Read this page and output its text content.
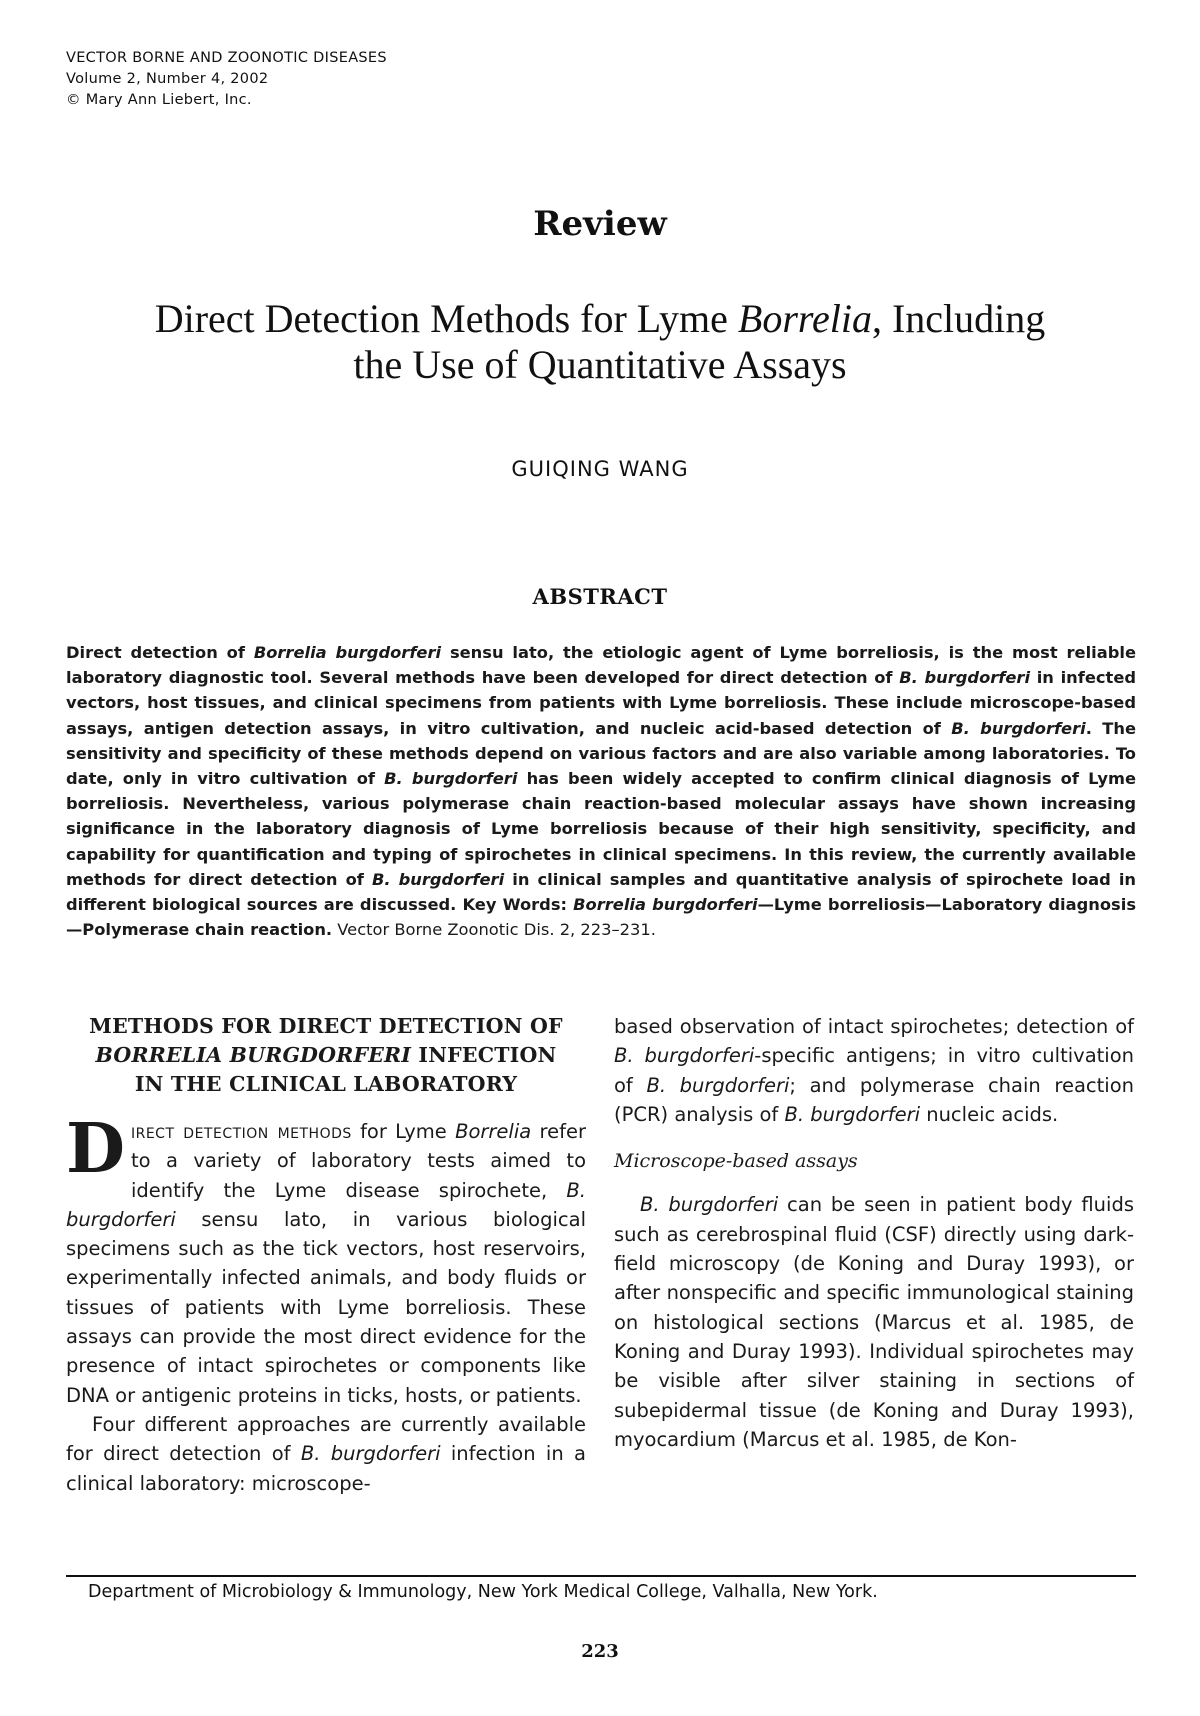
VECTOR BORNE AND ZOONOTIC DISEASES
Volume 2, Number 4, 2002
© Mary Ann Liebert, Inc.
Review
Direct Detection Methods for Lyme Borrelia, Including
the Use of Quantitative Assays
GUIQING WANG
ABSTRACT
Direct detection of Borrelia burgdorferi sensu lato, the etiologic agent of Lyme borreliosis, is the most reliable laboratory diagnostic tool. Several methods have been developed for direct detection of B. burgdorferi in infected vectors, host tissues, and clinical specimens from patients with Lyme borreliosis. These include microscope-based assays, antigen detection assays, in vitro cultivation, and nucleic acid-based detection of B. burgdorferi. The sensitivity and specificity of these methods depend on various factors and are also variable among laboratories. To date, only in vitro cultivation of B. burgdorferi has been widely accepted to confirm clinical diagnosis of Lyme borreliosis. Nevertheless, various polymerase chain reaction-based molecular assays have shown increasing significance in the laboratory diagnosis of Lyme borreliosis because of their high sensitivity, specificity, and capability for quantification and typing of spirochetes in clinical specimens. In this review, the currently available methods for direct detection of B. burgdorferi in clinical samples and quantitative analysis of spirochete load in different biological sources are discussed. Key Words: Borrelia burgdorferi—Lyme borreliosis—Laboratory diagnosis—Polymerase chain reaction. Vector Borne Zoonotic Dis. 2, 223–231.
METHODS FOR DIRECT DETECTION OF
BORRELIA BURGDORFERI INFECTION
IN THE CLINICAL LABORATORY

Direct detection methods for Lyme Borrelia refer to a variety of laboratory tests aimed to identify the Lyme disease spirochete, B. burgdorferi sensu lato, in various biological specimens such as the tick vectors, host reservoirs, experimentally infected animals, and body fluids or tissues of patients with Lyme borreliosis. These assays can provide the most direct evidence for the presence of intact spirochetes or components like DNA or antigenic proteins in ticks, hosts, or patients.

Four different approaches are currently available for direct detection of B. burgdorferi infection in a clinical laboratory: microscope-

based observation of intact spirochetes; detection of B. burgdorferi-specific antigens; in vitro cultivation of B. burgdorferi; and polymerase chain reaction (PCR) analysis of B. burgdorferi nucleic acids.

Microscope-based assays

B. burgdorferi can be seen in patient body fluids such as cerebrospinal fluid (CSF) directly using dark-field microscopy (de Koning and Duray 1993), or after nonspecific and specific immunological staining on histological sections (Marcus et al. 1985, de Koning and Duray 1993). Individual spirochetes may be visible after silver staining in sections of subepidermal tissue (de Koning and Duray 1993), myocardium (Marcus et al. 1985, de Kon-

Department of Microbiology & Immunology, New York Medical College, Valhalla, New York.
223
